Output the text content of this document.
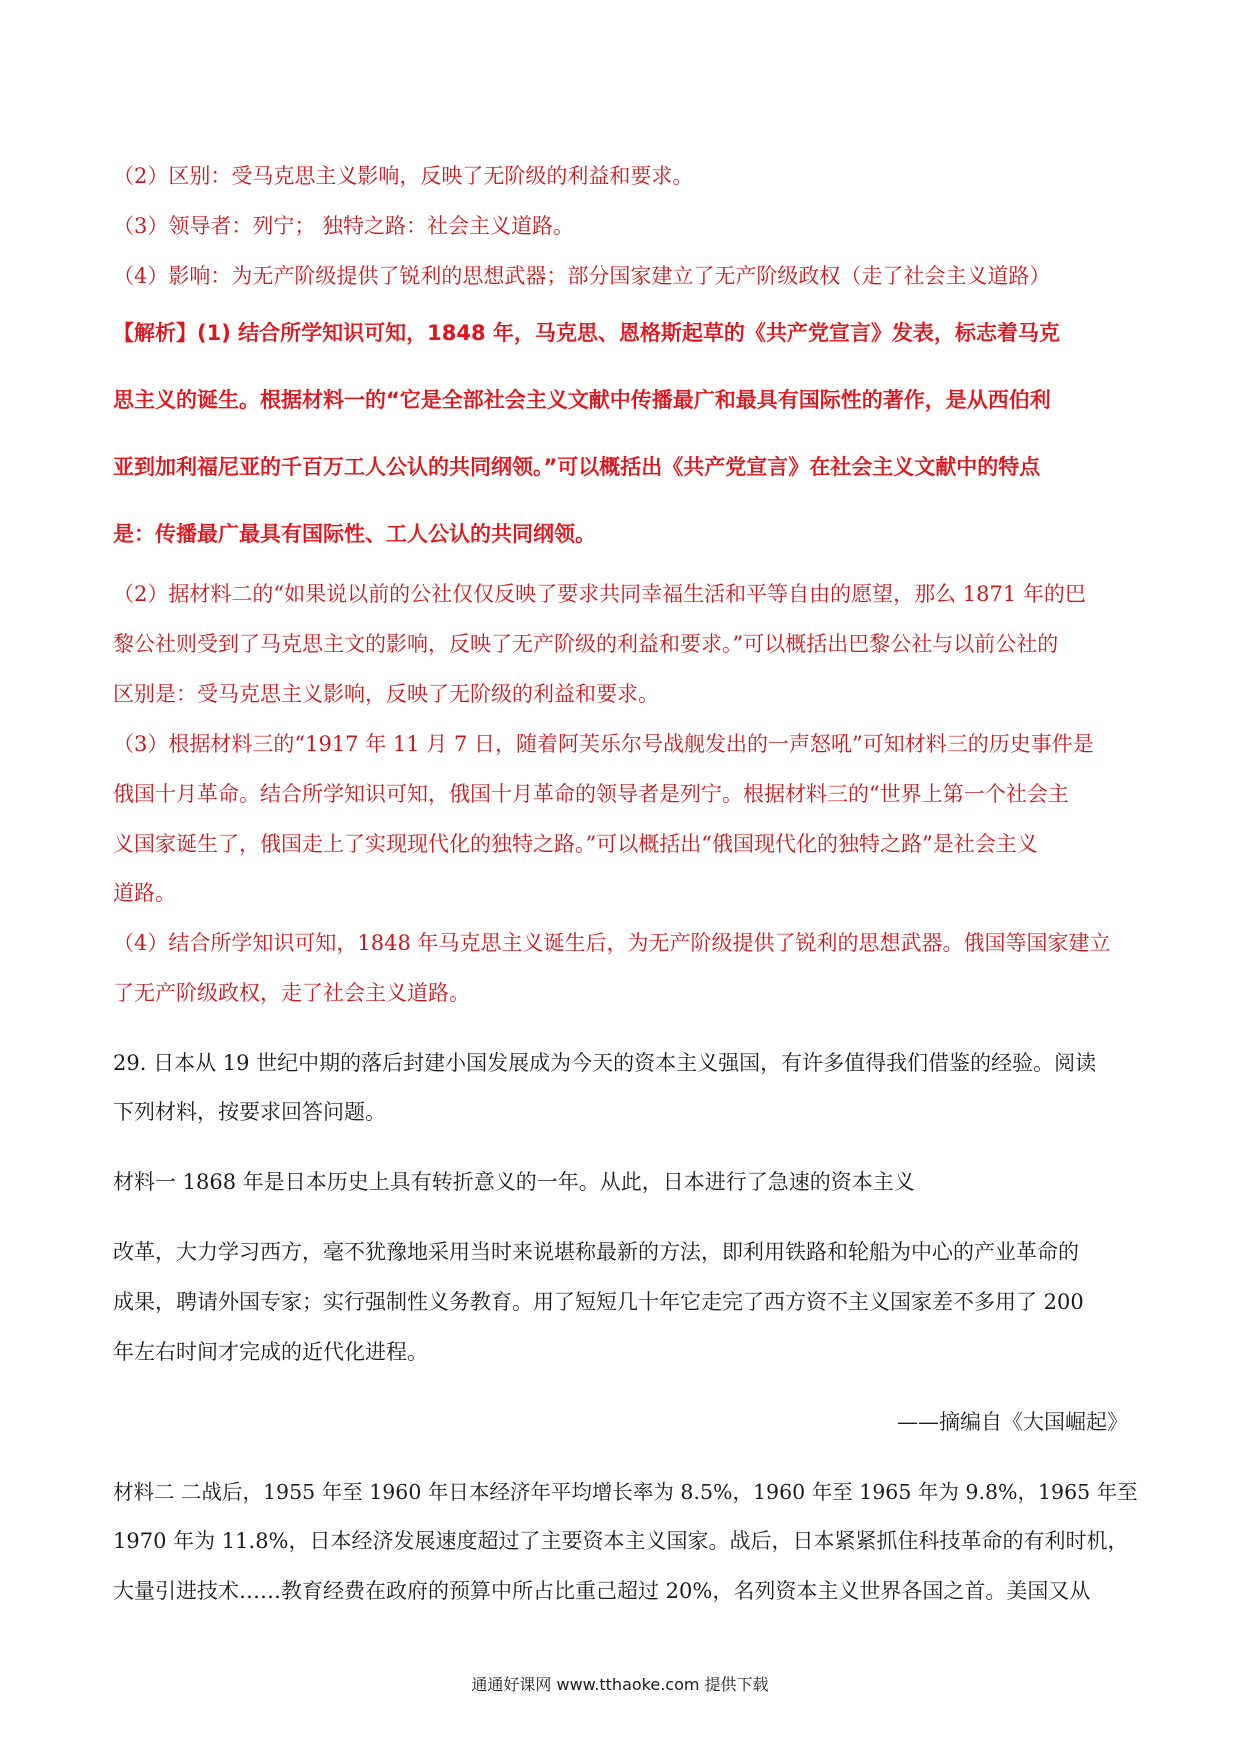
（2）区别：受马克思主义影响，反映了无阶级的利益和要求。
（3）领导者：列宁； 独特之路：社会主义道路。
（4）影响：为无产阶级提供了锐利的思想武器；部分国家建立了无产阶级政权（走了社会主义道路）
【解析】(1) 结合所学知识可知，1848 年，马克思、恩格斯起草的《共产党宣言》发表，标志着马克
思主义的诞生。根据材料一的“它是全部社会主义文献中传播最广和最具有国际性的著作，是从西伯利
亚到加利福尼亚的千百万工人公认的共同纲领。”可以概括出《共产党宣言》在社会主义文献中的特点
是：传播最广最具有国际性、工人公认的共同纲领。
（2）据材料二的“如果说以前的公社仅仅反映了要求共同幸福生活和平等自由的愿望，那么 1871 年的巴
黎公社则受到了马克思主文的影响，反映了无产阶级的利益和要求。”可以概括出巴黎公社与以前公社的
区别是：受马克思主义影响，反映了无阶级的利益和要求。
（3）根据材料三的“1917 年 11 月 7 日，随着阿芙乐尔号战舰发出的一声怒吼”可知材料三的历史事件是
俄国十月革命。结合所学知识可知，俄国十月革命的领导者是列宁。根据材料三的“世界上第一个社会主
义国家诞生了，俄国走上了实现现代化的独特之路。”可以概括出“俄国现代化的独特之路”是社会主义
道路。
（4）结合所学知识可知，1848 年马克思主义诞生后，为无产阶级提供了锐利的思想武器。俄国等国家建立
了无产阶级政权，走了社会主义道路。
29. 日本从 19 世纪中期的落后封建小国发展成为今天的资本主义强国，有许多值得我们借鉴的经验。阅读
下列材料，按要求回答问题。
材料一 1868 年是日本历史上具有转折意义的一年。从此，日本进行了急速的资本主义
改革，大力学习西方，毫不犹豫地采用当时来说堪称最新的方法，即利用铁路和轮船为中心的产业革命的
成果，聘请外国专家；实行强制性义务教育。用了短短几十年它走完了西方资不主义国家差不多用了 200
年左右时间才完成的近代化进程。
——摘编自《大国崛起》
材料二 二战后，1955 年至 1960 年日本经济年平均增长率为 8.5%，1960 年至 1965 年为 9.8%，1965 年至
1970 年为 11.8%，日本经济发展速度超过了主要资本主义国家。战后，日本紧紧抓住科技革命的有利时机，
大量引进技术……教育经费在政府的预算中所占比重己超过 20%，名列资本主义世界各国之首。美国又从
通通好课网 www.tthaoke.com 提供下载
